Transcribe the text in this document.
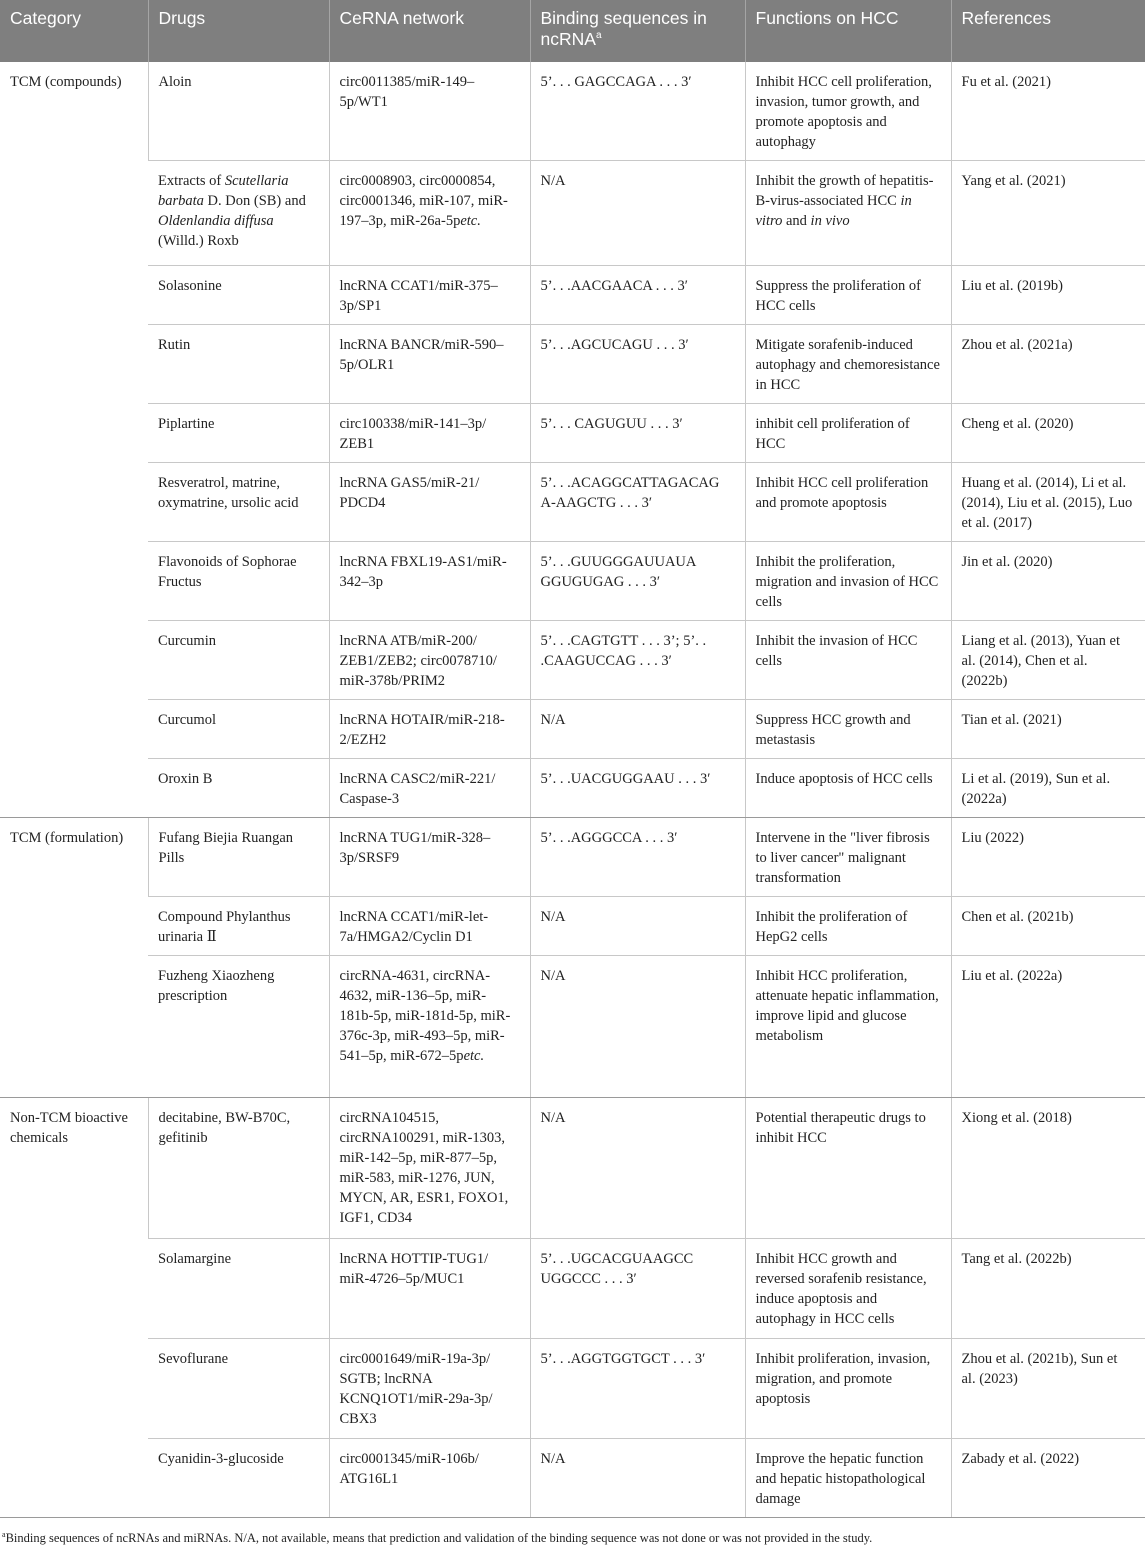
Category	Drugs	CeRNA network	Binding sequences in ncRNA$^a$	Functions on HCC	References
TCM (compounds)	Aloin	circ0011385/miR-149–5p/WT1	5’. . . GAGCCAGA . . . 3′	Inhibit HCC cell proliferation, invasion, tumor growth, and promote apoptosis and autophagy	Fu et al. (2021)
	Extracts of Scutellaria barbata D. Don (SB) and Oldenlandia diffusa (Willd.) Roxb	circ0008903, circ0000854, circ0001346, miR-107, miR-197–3p, miR-26a-5petc.	N/A	Inhibit the growth of hepatitis-B-virus-associated HCC in vitro and in vivo	Yang et al. (2021)
	Solasonine	lncRNA CCAT1/miR-375–3p/SP1	5’. . .AACGAACA . . . 3′	Suppress the proliferation of HCC cells	Liu et al. (2019b)
	Rutin	lncRNA BANCR/miR-590–5p/OLR1	5’. . .AGCUCAGU . . . 3′	Mitigate sorafenib-induced autophagy and chemoresistance in HCC	Zhou et al. (2021a)
	Piplartine	circ100338/miR-141–3p/ ZEB1	5’. . . CAGUGUU . . . 3′	inhibit cell proliferation of HCC	Cheng et al. (2020)
	Resveratrol, matrine, oxymatrine, ursolic acid	lncRNA GAS5/miR-21/ PDCD4	5’. . .ACAGGCATTAGACAG A-AAGCTG . . . 3′	Inhibit HCC cell proliferation and promote apoptosis	Huang et al. (2014), Li et al. (2014), Liu et al. (2015), Luo et al. (2017)
	Flavonoids of Sophorae Fructus	lncRNA FBXL19-AS1/miR-342–3p	5’. . .GUUGGGAUUAUA GGUGUGAG . . . 3′	Inhibit the proliferation, migration and invasion of HCC cells	Jin et al. (2020)
	Curcumin	lncRNA ATB/miR-200/ ZEB1/ZEB2; circ0078710/ miR-378b/PRIM2	5’. . .CAGTGTT . . . 3’; 5’. . .CAAGUCCAG . . . 3′	Inhibit the invasion of HCC cells	Liang et al. (2013), Yuan et al. (2014), Chen et al. (2022b)
	Curcumol	lncRNA HOTAIR/miR-218-2/EZH2	N/A	Suppress HCC growth and metastasis	Tian et al. (2021)
	Oroxin B	lncRNA CASC2/miR-221/ Caspase-3	5’. . .UACGUGGAAU . . . 3′	Induce apoptosis of HCC cells	Li et al. (2019), Sun et al. (2022a)
TCM (formulation)	Fufang Biejia Ruangan Pills	lncRNA TUG1/miR-328–3p/SRSF9	5’. . .AGGGCCA . . . 3′	Intervene in the "liver fibrosis to liver cancer" malignant transformation	Liu (2022)
	Compound Phylanthus urinaria Ⅱ	lncRNA CCAT1/miR-let-7a/HMGA2/Cyclin D1	N/A	Inhibit the proliferation of HepG2 cells	Chen et al. (2021b)
	Fuzheng Xiaozheng prescription	circRNA-4631, circRNA-4632, miR-136–5p, miR-181b-5p, miR-181d-5p, miR-376c-3p, miR-493–5p, miR-541–5p, miR-672–5petc.	N/A	Inhibit HCC proliferation, attenuate hepatic inflammation, improve lipid and glucose metabolism	Liu et al. (2022a)
Non-TCM bioactive chemicals	decitabine, BW-B70C, gefitinib	circRNA104515, circRNA100291, miR-1303, miR-142–5p, miR-877–5p, miR-583, miR-1276, JUN, MYCN, AR, ESR1, FOXO1, IGF1, CD34	N/A	Potential therapeutic drugs to inhibit HCC	Xiong et al. (2018)
	Solamargine	lncRNA HOTTIP-TUG1/ miR-4726–5p/MUC1	5’. . .UGCACGUAAGCC UGGCCC . . . 3′	Inhibit HCC growth and reversed sorafenib resistance, induce apoptosis and autophagy in HCC cells	Tang et al. (2022b)
	Sevoflurane	circ0001649/miR-19a-3p/ SGTB; lncRNA KCNQ1OT1/miR-29a-3p/ CBX3	5’. . .AGGTGGTGCT . . . 3′	Inhibit proliferation, invasion, migration, and promote apoptosis	Zhou et al. (2021b), Sun et al. (2023)
	Cyanidin-3-glucoside	circ0001345/miR-106b/ ATG16L1	N/A	Improve the hepatic function and hepatic histopathological damage	Zabady et al. (2022)
$^a$Binding sequences of ncRNAs and miRNAs. N/A, not available, means that prediction and validation of the binding sequence was not done or was not provided in the study.
